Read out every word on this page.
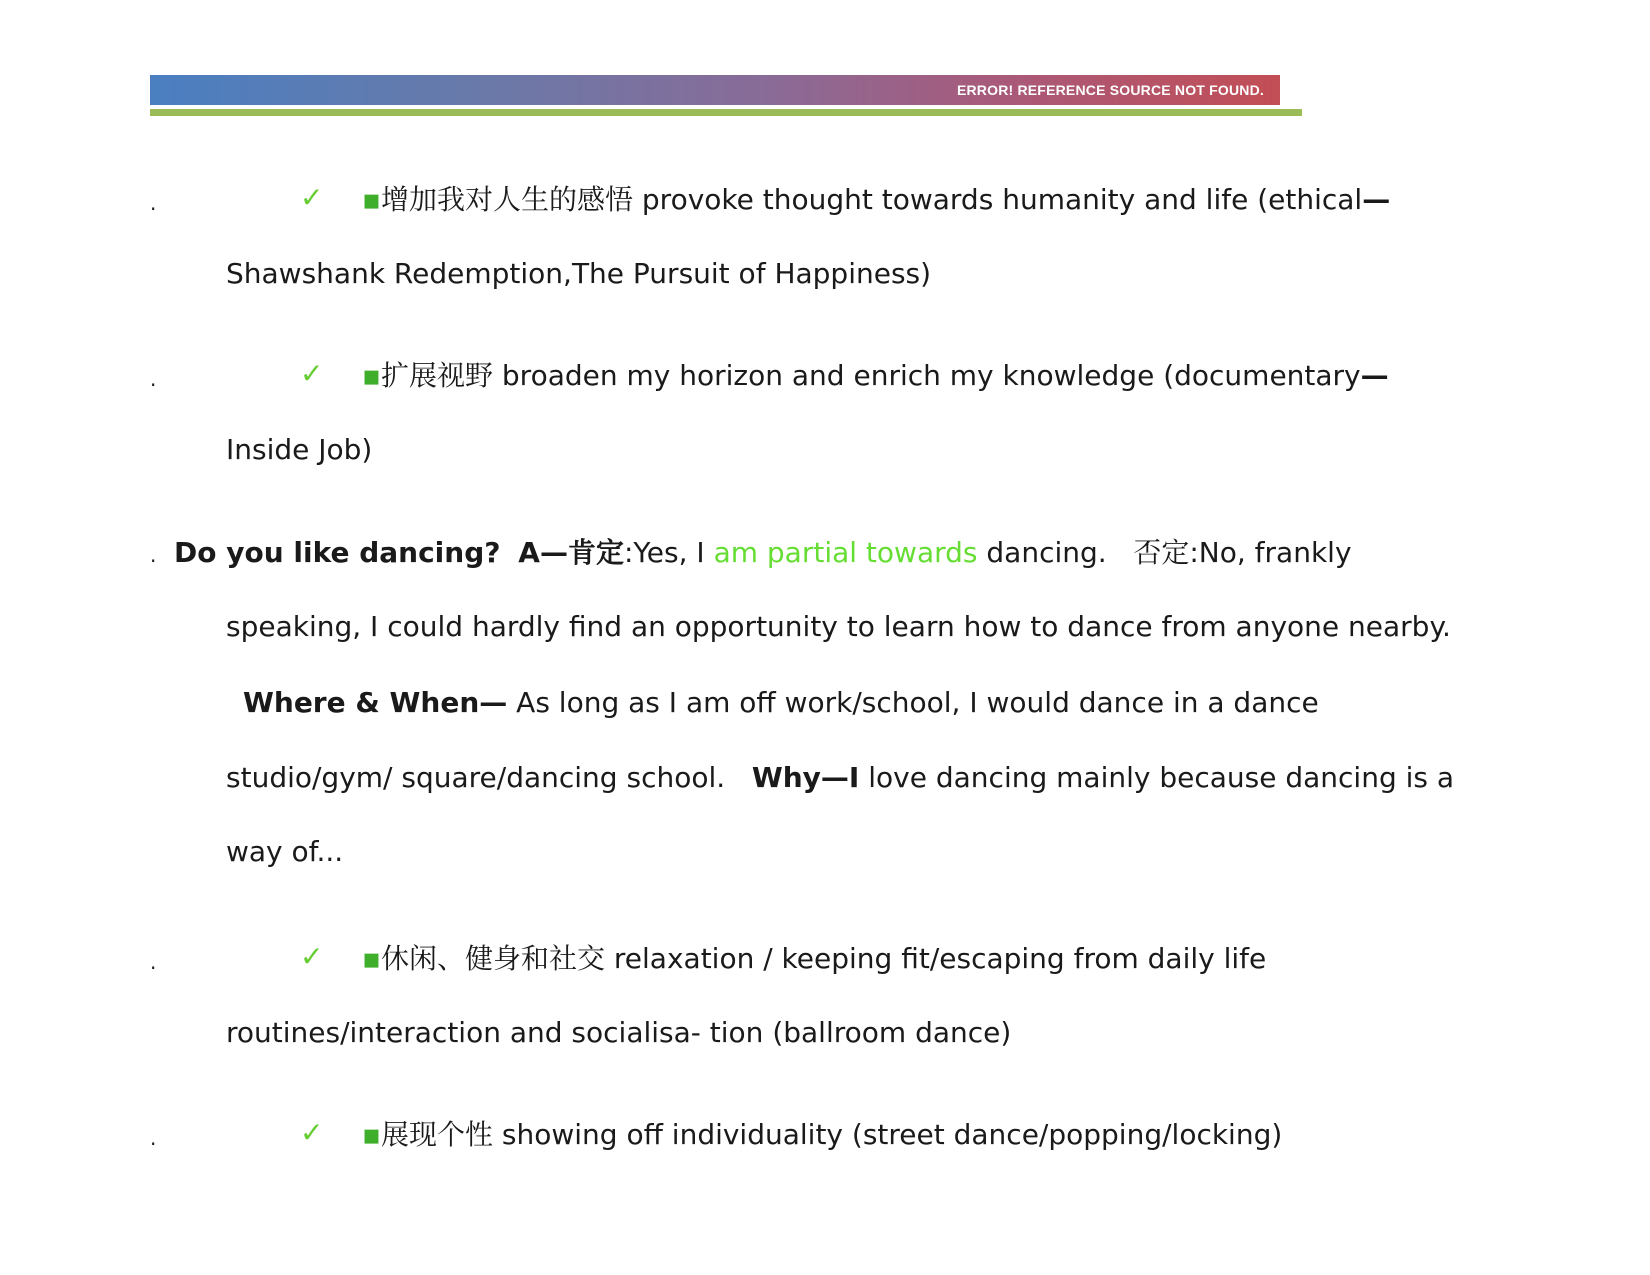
ERROR! REFERENCE SOURCE NOT FOUND.
.	✓ ▪增加我对人生的感悟 provoke thought towards humanity and life (ethical—
Shawshank Redemption,The Pursuit of Happiness)
.	✓ ▪扩展视野 broaden my horizon and enrich my knowledge (documentary—
Inside Job)
. Do you like dancing? A—肯定:Yes, I am partial towards dancing. 否定:No, frankly
speaking, I could hardly find an opportunity to learn how to dance from anyone nearby.
Where & When— As long as I am off work/school, I would dance in a dance
studio/gym/ square/dancing school. Why—I love dancing mainly because dancing is a
way of...
.	✓ ▪休闲、健身和社交 relaxation / keeping fit/escaping from daily life
routines/interaction and socialisa- tion (ballroom dance)
.	✓ ▪展现个性 showing off individuality (street dance/popping/locking)
